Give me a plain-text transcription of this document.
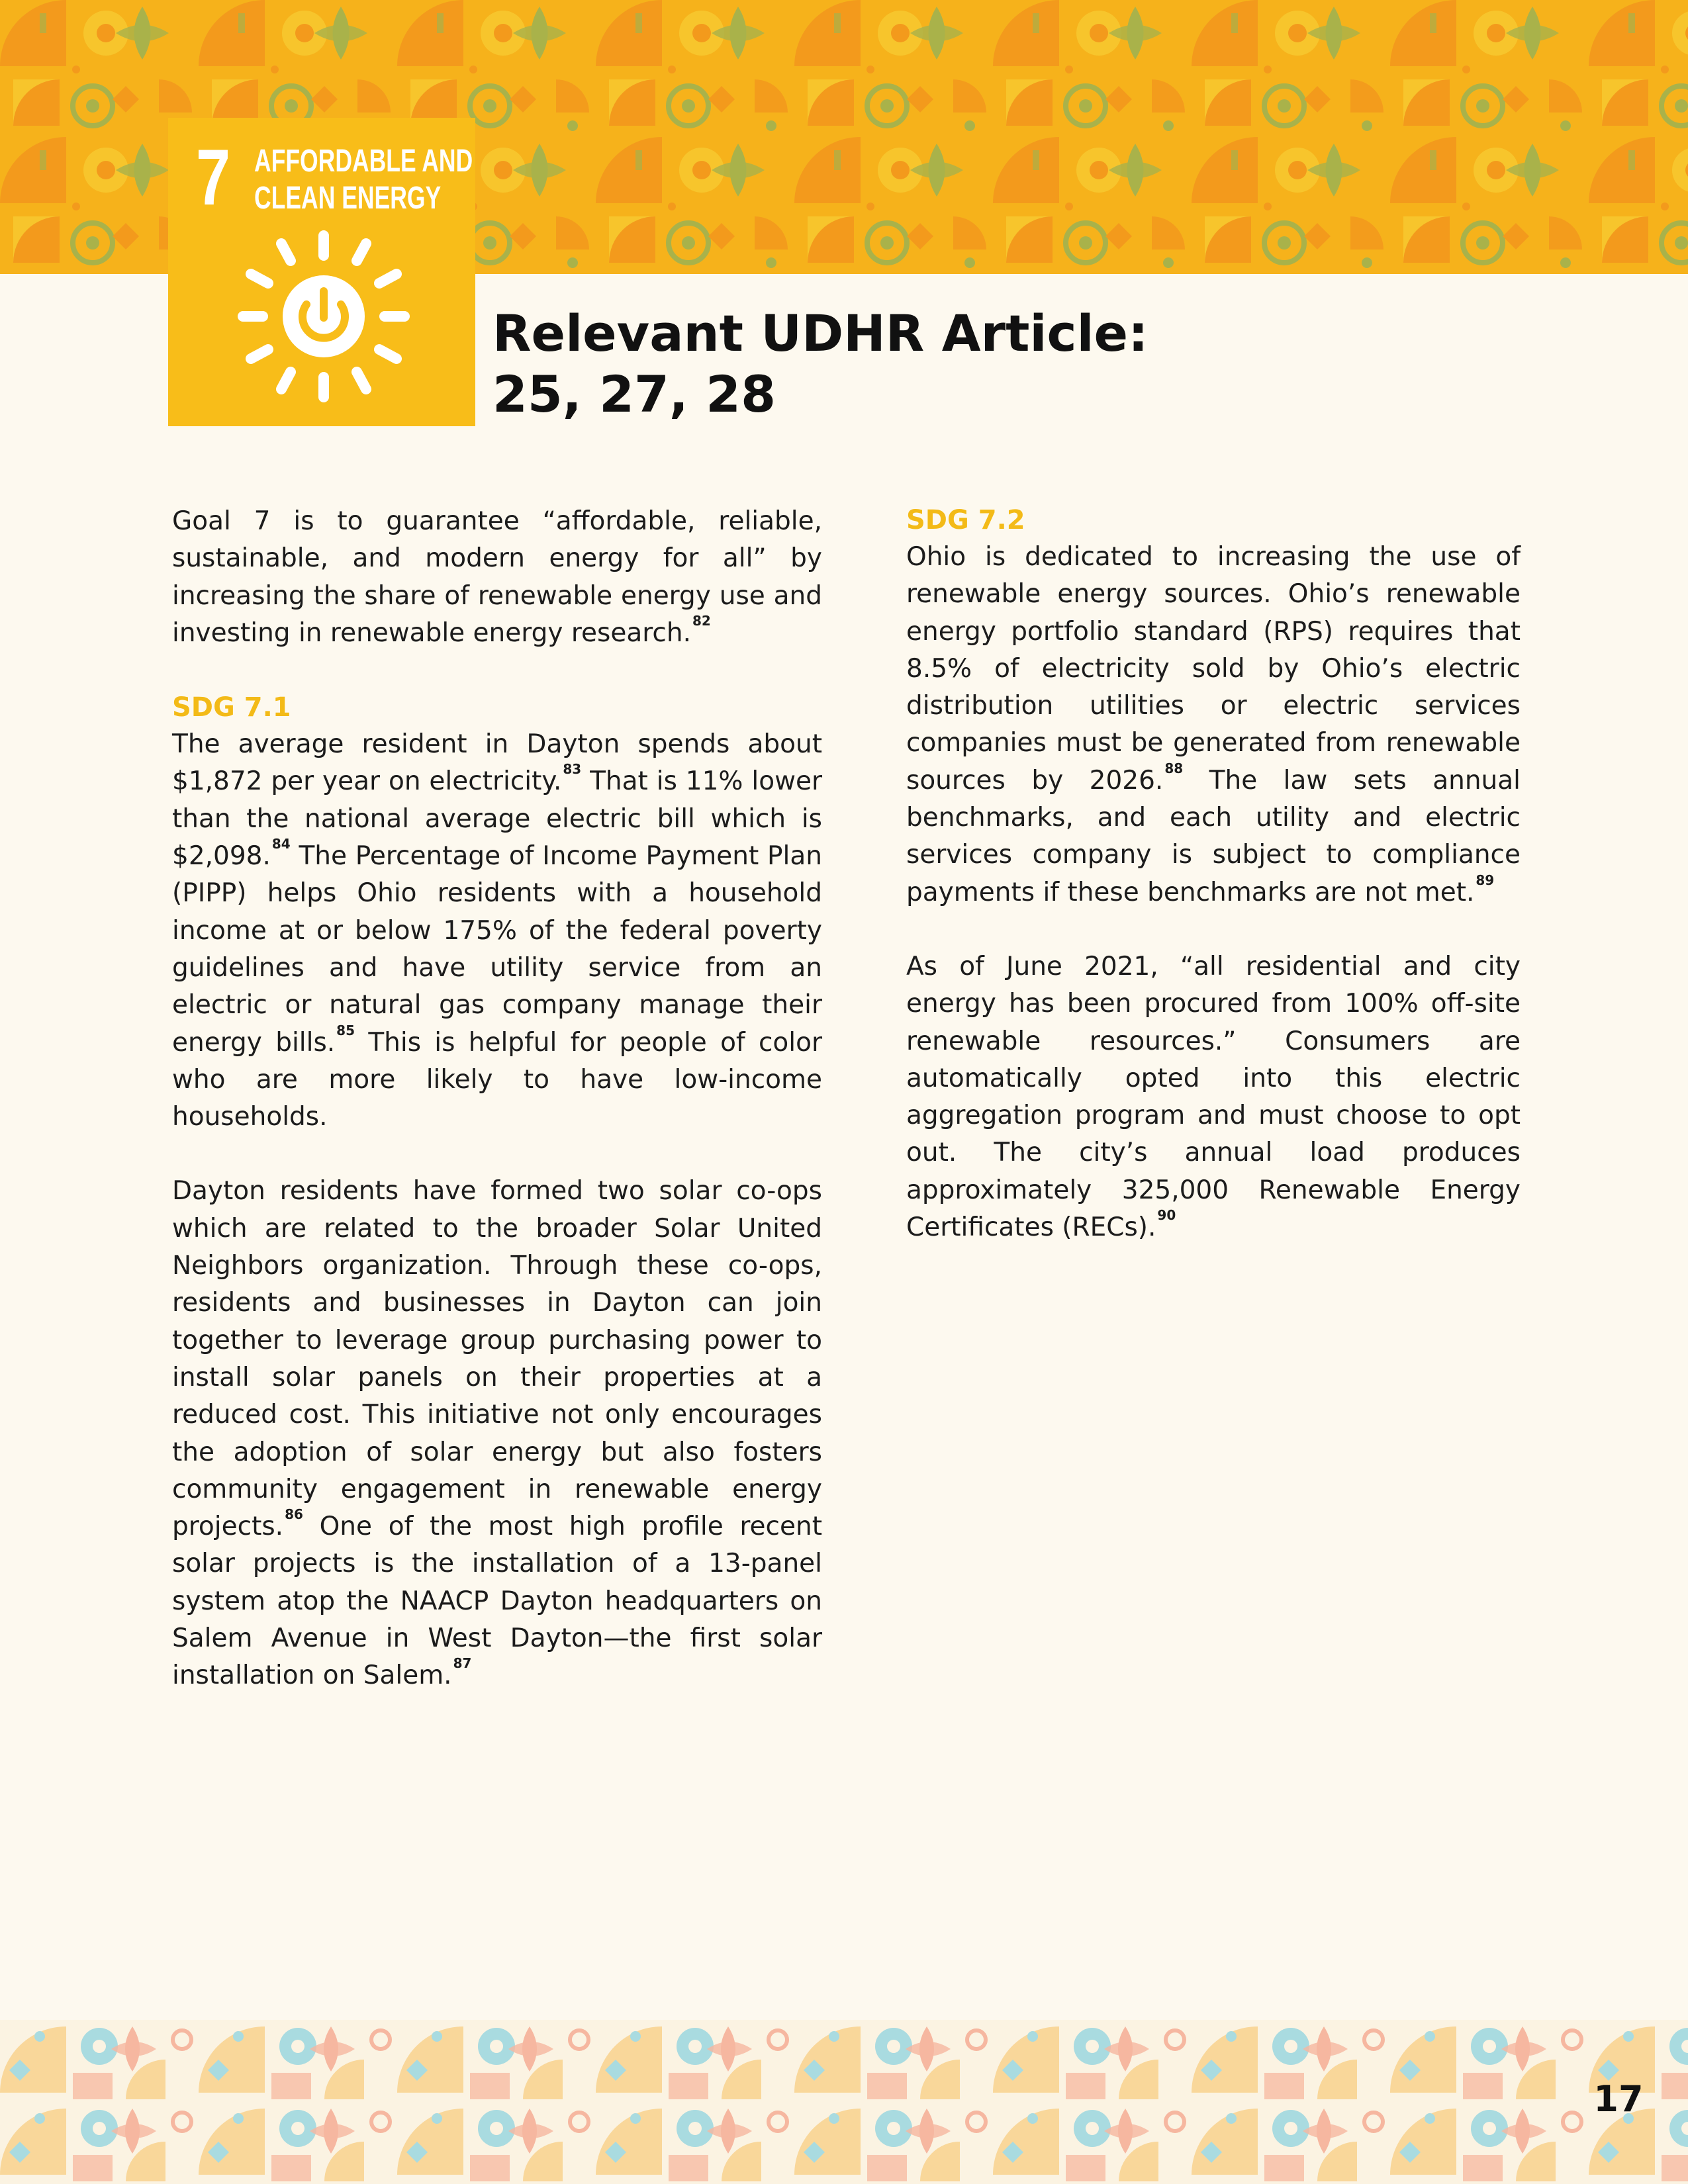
7 AFFORDABLE AND
CLEAN ENERGY
Relevant UDHR Article:
25, 27, 28

Goal 7 is to guarantee “affordable, reliable, sustainable, and modern energy for all” by increasing the share of renewable energy use and investing in renewable energy research. $^{82}$

SDG 7.1

The average resident in Dayton spends about $1,872 per year on electricity. $^{83}$ That is 11% lower than the national average electric bill which is $2,098. $^{84}$ The Percentage of Income Payment Plan (PIPP) helps Ohio residents with a household income at or below 175% of the federal poverty guidelines and have utility service from an electric or natural gas company manage their energy bills. $^{85}$ This is helpful for people of color who are more likely to have low-income households.

Dayton residents have formed two solar co-ops which are related to the broader Solar United Neighbors organization. Through these co-ops, residents and businesses in Dayton can join together to leverage group purchasing power to install solar panels on their properties at a reduced cost. This initiative not only encourages the adoption of solar energy but also fosters community engagement in renewable energy projects. $^{86}$ One of the most high profile recent solar projects is the installation of a 13-panel system atop the NAACP Dayton headquarters on Salem Avenue in West Dayton—the first solar installation on Salem. $^{87}$

SDG 7.2

Ohio is dedicated to increasing the use of renewable energy sources. Ohio’s renewable energy portfolio standard (RPS) requires that 8.5% of electricity sold by Ohio’s electric distribution utilities or electric services companies must be generated from renewable sources by 2026. $^{88}$ The law sets annual benchmarks, and each utility and electric services company is subject to compliance payments if these benchmarks are not met. $^{89}$

As of June 2021, “all residential and city energy has been procured from 100% off-site renewable resources.” Consumers are automatically opted into this electric aggregation program and must choose to opt out. The city’s annual load produces approximately 325,000 Renewable Energy Certificates (RECs). $^{90}$

17
